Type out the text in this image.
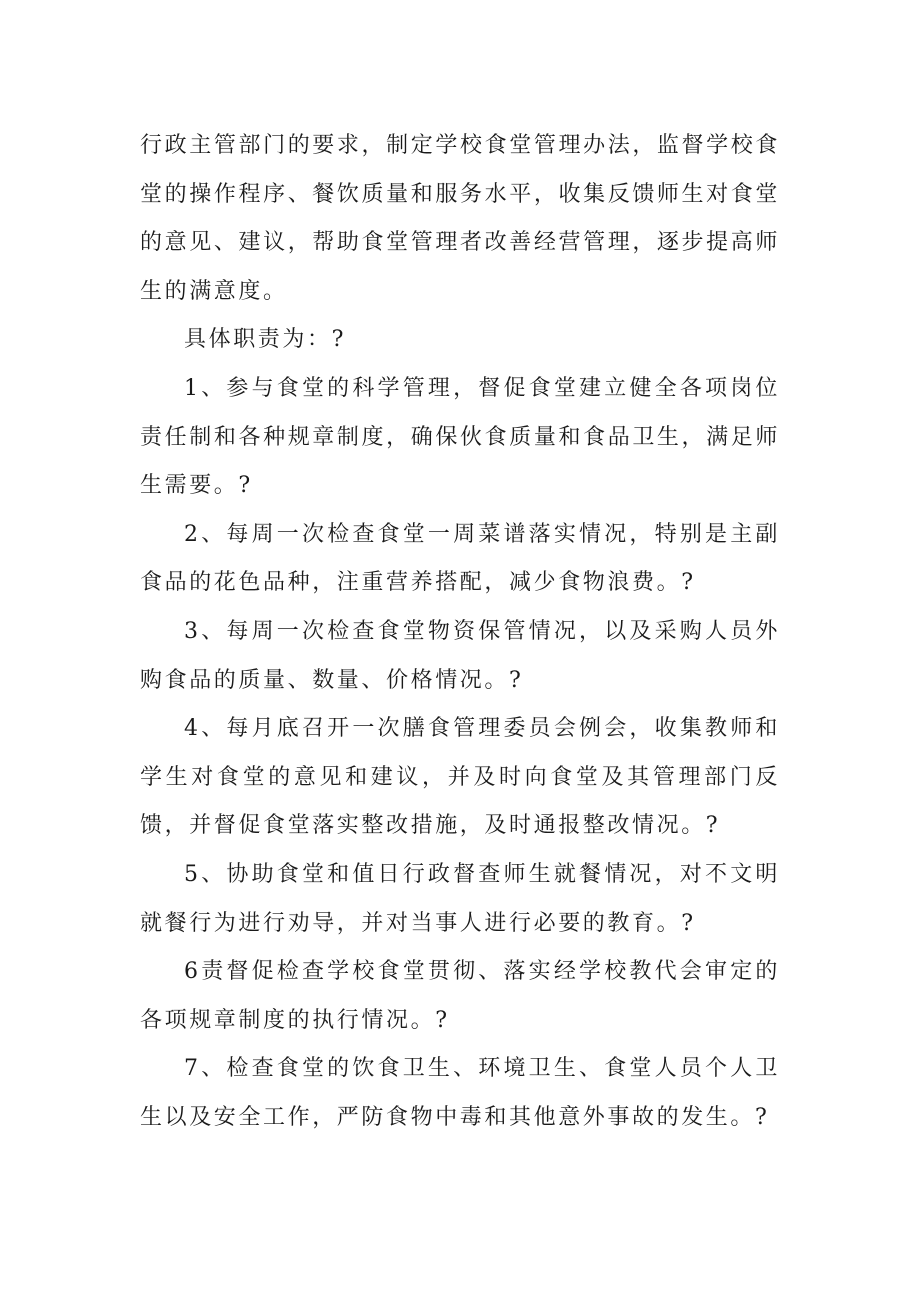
行政主管部门的要求，制定学校食堂管理办法，监督学校食堂的操作程序、餐饮质量和服务水平，收集反馈师生对食堂的意见、建议，帮助食堂管理者改善经营管理，逐步提高师生的满意度。

具体职责为：?

1、参与食堂的科学管理，督促食堂建立健全各项岗位责任制和各种规章制度，确保伙食质量和食品卫生，满足师生需要。?

2、每周一次检查食堂一周菜谱落实情况，特别是主副食品的花色品种，注重营养搭配，减少食物浪费。?

3、每周一次检查食堂物资保管情况，以及采购人员外购食品的质量、数量、价格情况。?

4、每月底召开一次膳食管理委员会例会，收集教师和学生对食堂的意见和建议，并及时向食堂及其管理部门反馈，并督促食堂落实整改措施，及时通报整改情况。?

5、协助食堂和值日行政督查师生就餐情况，对不文明就餐行为进行劝导，并对当事人进行必要的教育。?

6责督促检查学校食堂贯彻、落实经学校教代会审定的各项规章制度的执行情况。?

7、检查食堂的饮食卫生、环境卫生、食堂人员个人卫生以及安全工作，严防食物中毒和其他意外事故的发生。?
